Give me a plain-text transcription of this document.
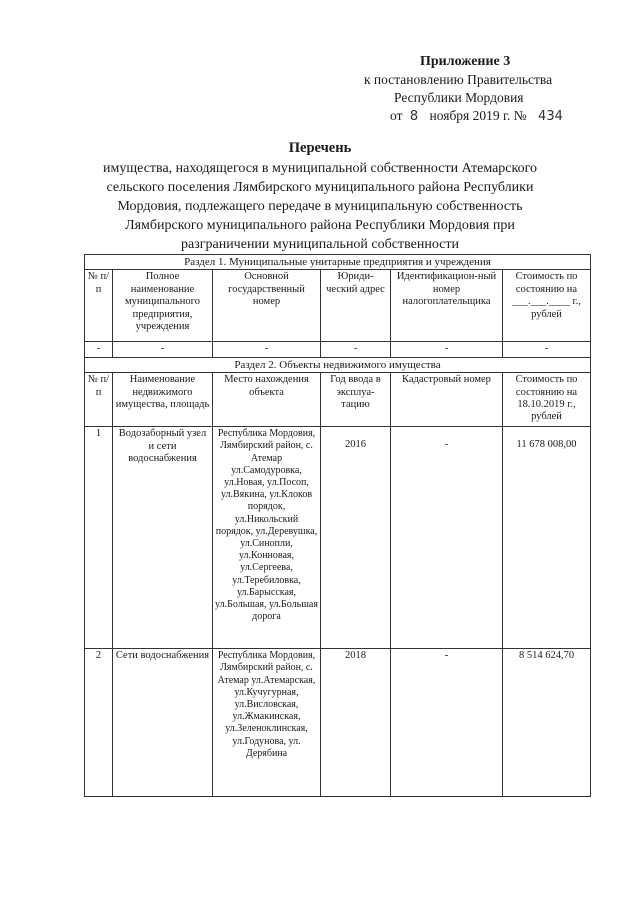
Приложение 3
к постановлению Правительства
Республики Мордовия
от 8 ноября 2019 г. № 434
Перечень
имущества, находящегося в муниципальной собственности Атемарского
сельского поселения Лямбирского муниципального района Республики
Мордовия, подлежащего передаче в муниципальную собственность
Лямбирского муниципального района Республики Мордовия при
разграничении муниципальной собственности
Раздел 1. Муниципальные унитарные предприятия и учреждения					
№ п/п	Полное наименование муниципального предприятия, учреждения	Основной государственный номер	Юриди-ческий адрес	Идентификацион-ный номер налогоплательщика	Стоимость по состоянию на ___.___.____ г., рублей
-	-	-	-	-	-
Раздел 2. Объекты недвижимого имущества					
№ п/п	Наименование недвижимого имущества, площадь	Место нахождения объекта	Год ввода в эксплуа-тацию	Кадастровый номер	Стоимость по состоянию на 18.10.2019 г., рублей
1	Водозаборный узел и сети водоснабжения	Республика Мордовия, Лямбирский район, с. Атемар ул.Самодуровка, ул.Новая, ул.Посоп, ул.Вякина, ул.Клоков порядок, ул.Никольский порядок, ул.Деревушка, ул.Синопли, ул.Конновая, ул.Сергеева, ул.Теребиловка, ул.Барысская, ул.Большая, ул.Большая дорога	2016	-	11 678 008,00
2	Сети водоснабжения	Республика Мордовия, Лямбирский район, с. Атемар ул.Атемарская, ул.Кучугурная, ул.Висловская, ул.Жмакинская, ул.Зеленоклинская, ул.Годунова, ул. Дерябина	2018	-	8 514 624,70
